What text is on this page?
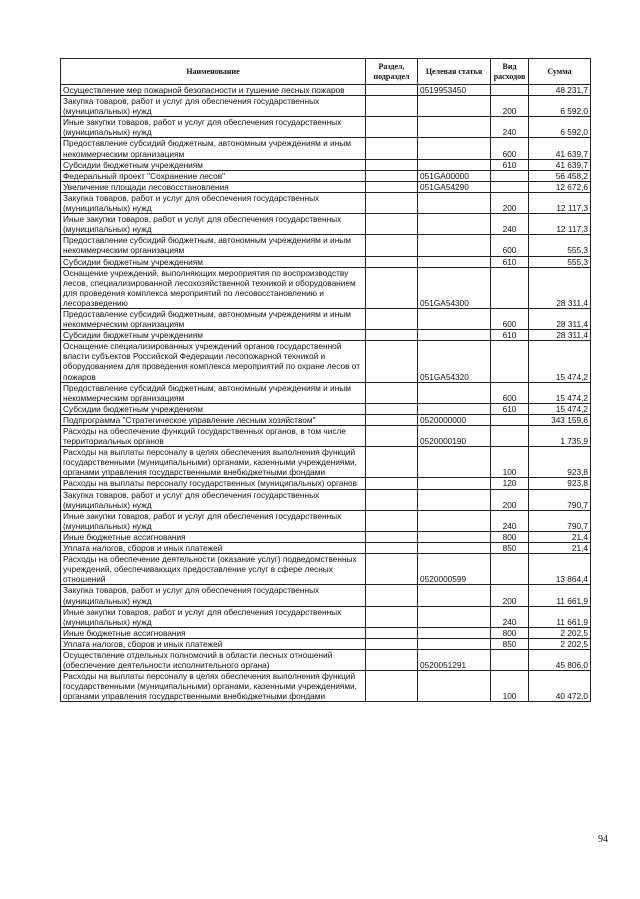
Наименование	Раздел, подраздел	Целевая статья	Вид расходов	Сумма
Осуществление мер пожарной безопасности и тушение лесных пожаров		0519953450		48 231,7
Закупка товаров, работ и услуг для обеспечения государственных (муниципальных) нужд			200	6 592,0
Иные закупки товаров, работ и услуг для обеспечения государственных (муниципальных) нужд			240	6 592,0
Предоставление субсидий бюджетным, автономным учреждениям и иным некоммерческим организациям			600	41 639,7
Субсидии бюджетным учреждениям			610	41 639,7
Федеральный проект "Сохранение лесов"		051GA00000		56 458,2
Увеличение площади лесовосстановления		051GA54290		12 672,6
Закупка товаров, работ и услуг для обеспечения государственных (муниципальных) нужд			200	12 117,3
Иные закупки товаров, работ и услуг для обеспечения государственных (муниципальных) нужд			240	12 117,3
Предоставление субсидий бюджетным, автономным учреждениям и иным некоммерческим организациям			600	555,3
Субсидии бюджетным учреждениям			610	555,3
Оснащение учреждений, выполняющих мероприятия по воспроизводству лесов, специализированной лесохозяйственной техникой и оборудованием для проведения комплекса мероприятий по лесовосстановлению и лесоразведению		051GA54300		28 311,4
Предоставление субсидий бюджетным, автономным учреждениям и иным некоммерческим организациям			600	28 311,4
Субсидии бюджетным учреждениям			610	28 311,4
Оснащение специализированных учреждений органов государственной власти субъектов Российской Федерации лесопожарной техникой и оборудованием для проведения комплекса мероприятий по охране лесов от пожаров		051GA54320		15 474,2
Предоставление субсидий бюджетным, автономным учреждениям и иным некоммерческим организациям			600	15 474,2
Субсидии бюджетным учреждениям			610	15 474,2
Подпрограмма "Стратегическое управление лесным хозяйством"		0520000000		343 159,6
Расходы на обеспечение функций государственных органов, в том числе территориальных органов		0520000190		1 735,9
Расходы на выплаты персоналу в целях обеспечения выполнения функций государственными (муниципальными) органами, казенными учреждениями, органами управления государственными внебюджетными фондами			100	923,8
Расходы на выплаты персоналу государственных (муниципальных) органов			120	923,8
Закупка товаров, работ и услуг для обеспечения государственных (муниципальных) нужд			200	790,7
Иные закупки товаров, работ и услуг для обеспечения государственных (муниципальных) нужд			240	790,7
Иные бюджетные ассигнования			800	21,4
Уплата налогов, сборов и иных платежей			850	21,4
Расходы на обеспечение деятельности (оказание услуг) подведомственных учреждений, обеспечивающих предоставление услуг в сфере лесных отношений		0520000599		13 864,4
Закупка товаров, работ и услуг для обеспечения государственных (муниципальных) нужд			200	11 661,9
Иные закупки товаров, работ и услуг для обеспечения государственных (муниципальных) нужд			240	11 661,9
Иные бюджетные ассигнования			800	2 202,5
Уплата налогов, сборов и иных платежей			850	2 202,5
Осуществление отдельных полномочий в области лесных отношений (обеспечение деятельности исполнительного органа)		0520051291		45 806,0
Расходы на выплаты персоналу в целях обеспечения выполнения функций государственными (муниципальными) органами, казенными учреждениями, органами управления государственными внебюджетными фондами			100	40 472,0
94
